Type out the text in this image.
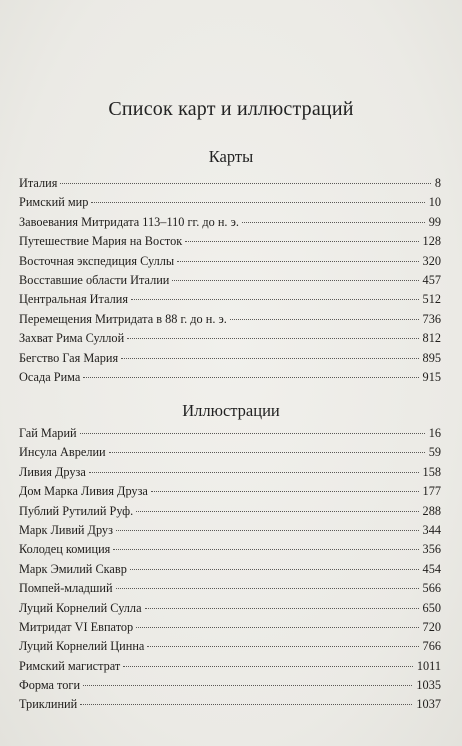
Список карт и иллюстраций
Карты
Италия	8
Римский мир	10
Завоевания Митридата 113–110 гг. до н. э.	99
Путешествие Мария на Восток	128
Восточная экспедиция Суллы	320
Восставшие области Италии	457
Центральная Италия	512
Перемещения Митридата в 88 г. до н. э.	736
Захват Рима Суллой	812
Бегство Гая Мария	895
Осада Рима	915
Иллюстрации
Гай Марий	16
Инсула Аврелии	59
Ливия Друза	158
Дом Марка Ливия Друза	177
Публий Рутилий Руф.	288
Марк Ливий Друз	344
Колодец комиция	356
Марк Эмилий Скавр	454
Помпей-младший	566
Луций Корнелий Сулла	650
Митридат VI Евпатор	720
Луций Корнелий Цинна	766
Римский магистрат	1011
Форма тоги	1035
Триклиний	1037
